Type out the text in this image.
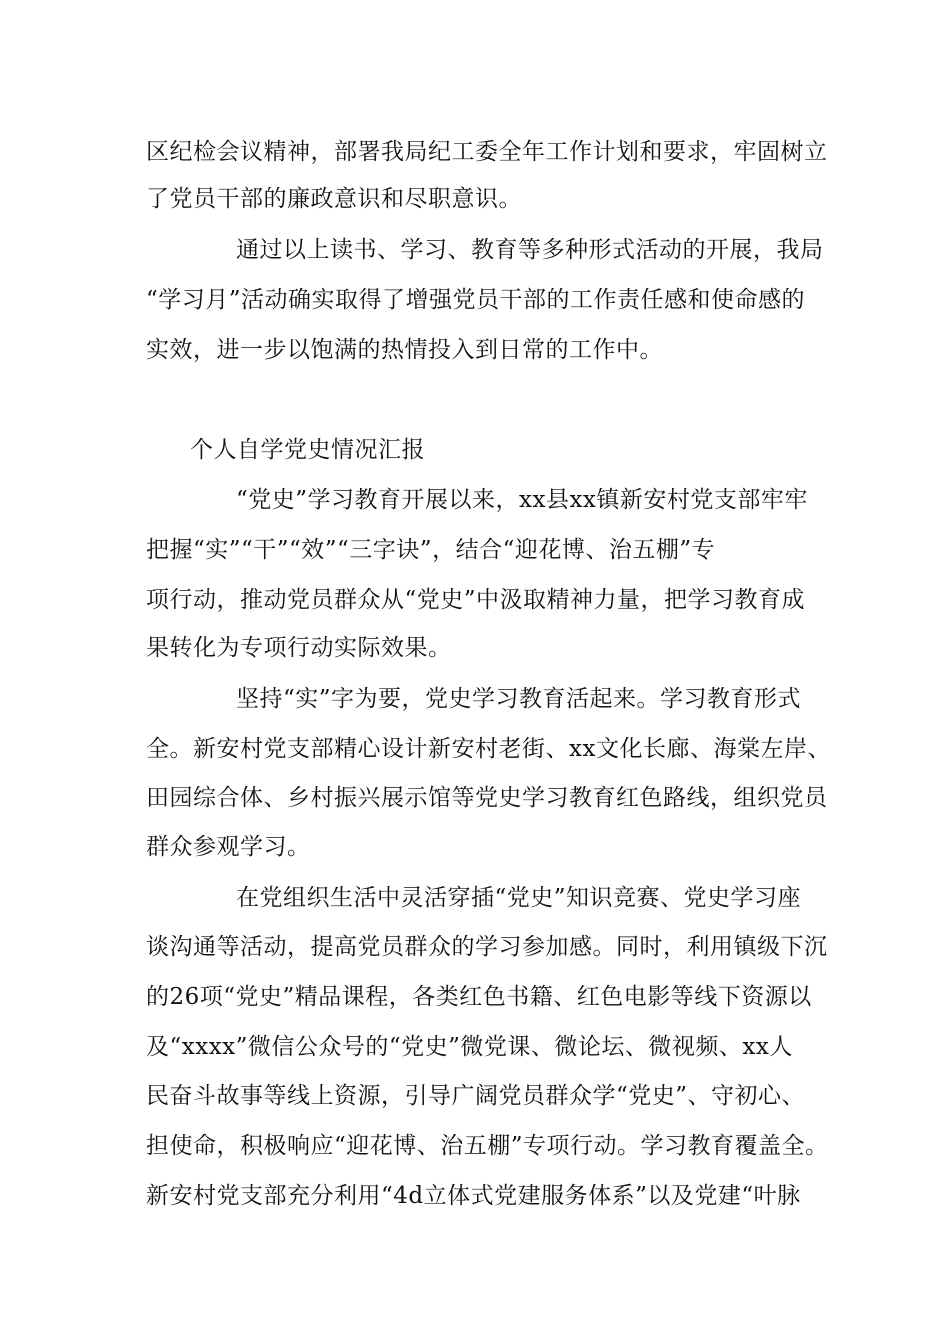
区纪检会议精神，部署我局纪工委全年工作计划和要求，牢固树立
了党员干部的廉政意识和尽职意识。
通过以上读书、学习、教育等多种形式活动的开展，我局
“学习月”活动确实取得了增强党员干部的工作责任感和使命感的
实效，进一步以饱满的热情投入到日常的工作中。
个人自学党史情况汇报
“党史”学习教育开展以来，xx县xx镇新安村党支部牢牢
把握“实”“干”“效”“三字诀”，结合“迎花博、治五棚”专
项行动，推动党员群众从“党史”中汲取精神力量，把学习教育成
果转化为专项行动实际效果。
坚持“实”字为要，党史学习教育活起来。学习教育形式
全。新安村党支部精心设计新安村老街、xx文化长廊、海棠左岸、
田园综合体、乡村振兴展示馆等党史学习教育红色路线，组织党员
群众参观学习。
在党组织生活中灵活穿插“党史”知识竞赛、党史学习座
谈沟通等活动，提高党员群众的学习参加感。同时，利用镇级下沉
的26项“党史”精品课程，各类红色书籍、红色电影等线下资源以
及“xxxx”微信公众号的“党史”微党课、微论坛、微视频、xx人
民奋斗故事等线上资源，引导广阔党员群众学“党史”、守初心、
担使命，积极响应“迎花博、治五棚”专项行动。学习教育覆盖全。
新安村党支部充分利用“4d立体式党建服务体系”以及党建“叶脉
